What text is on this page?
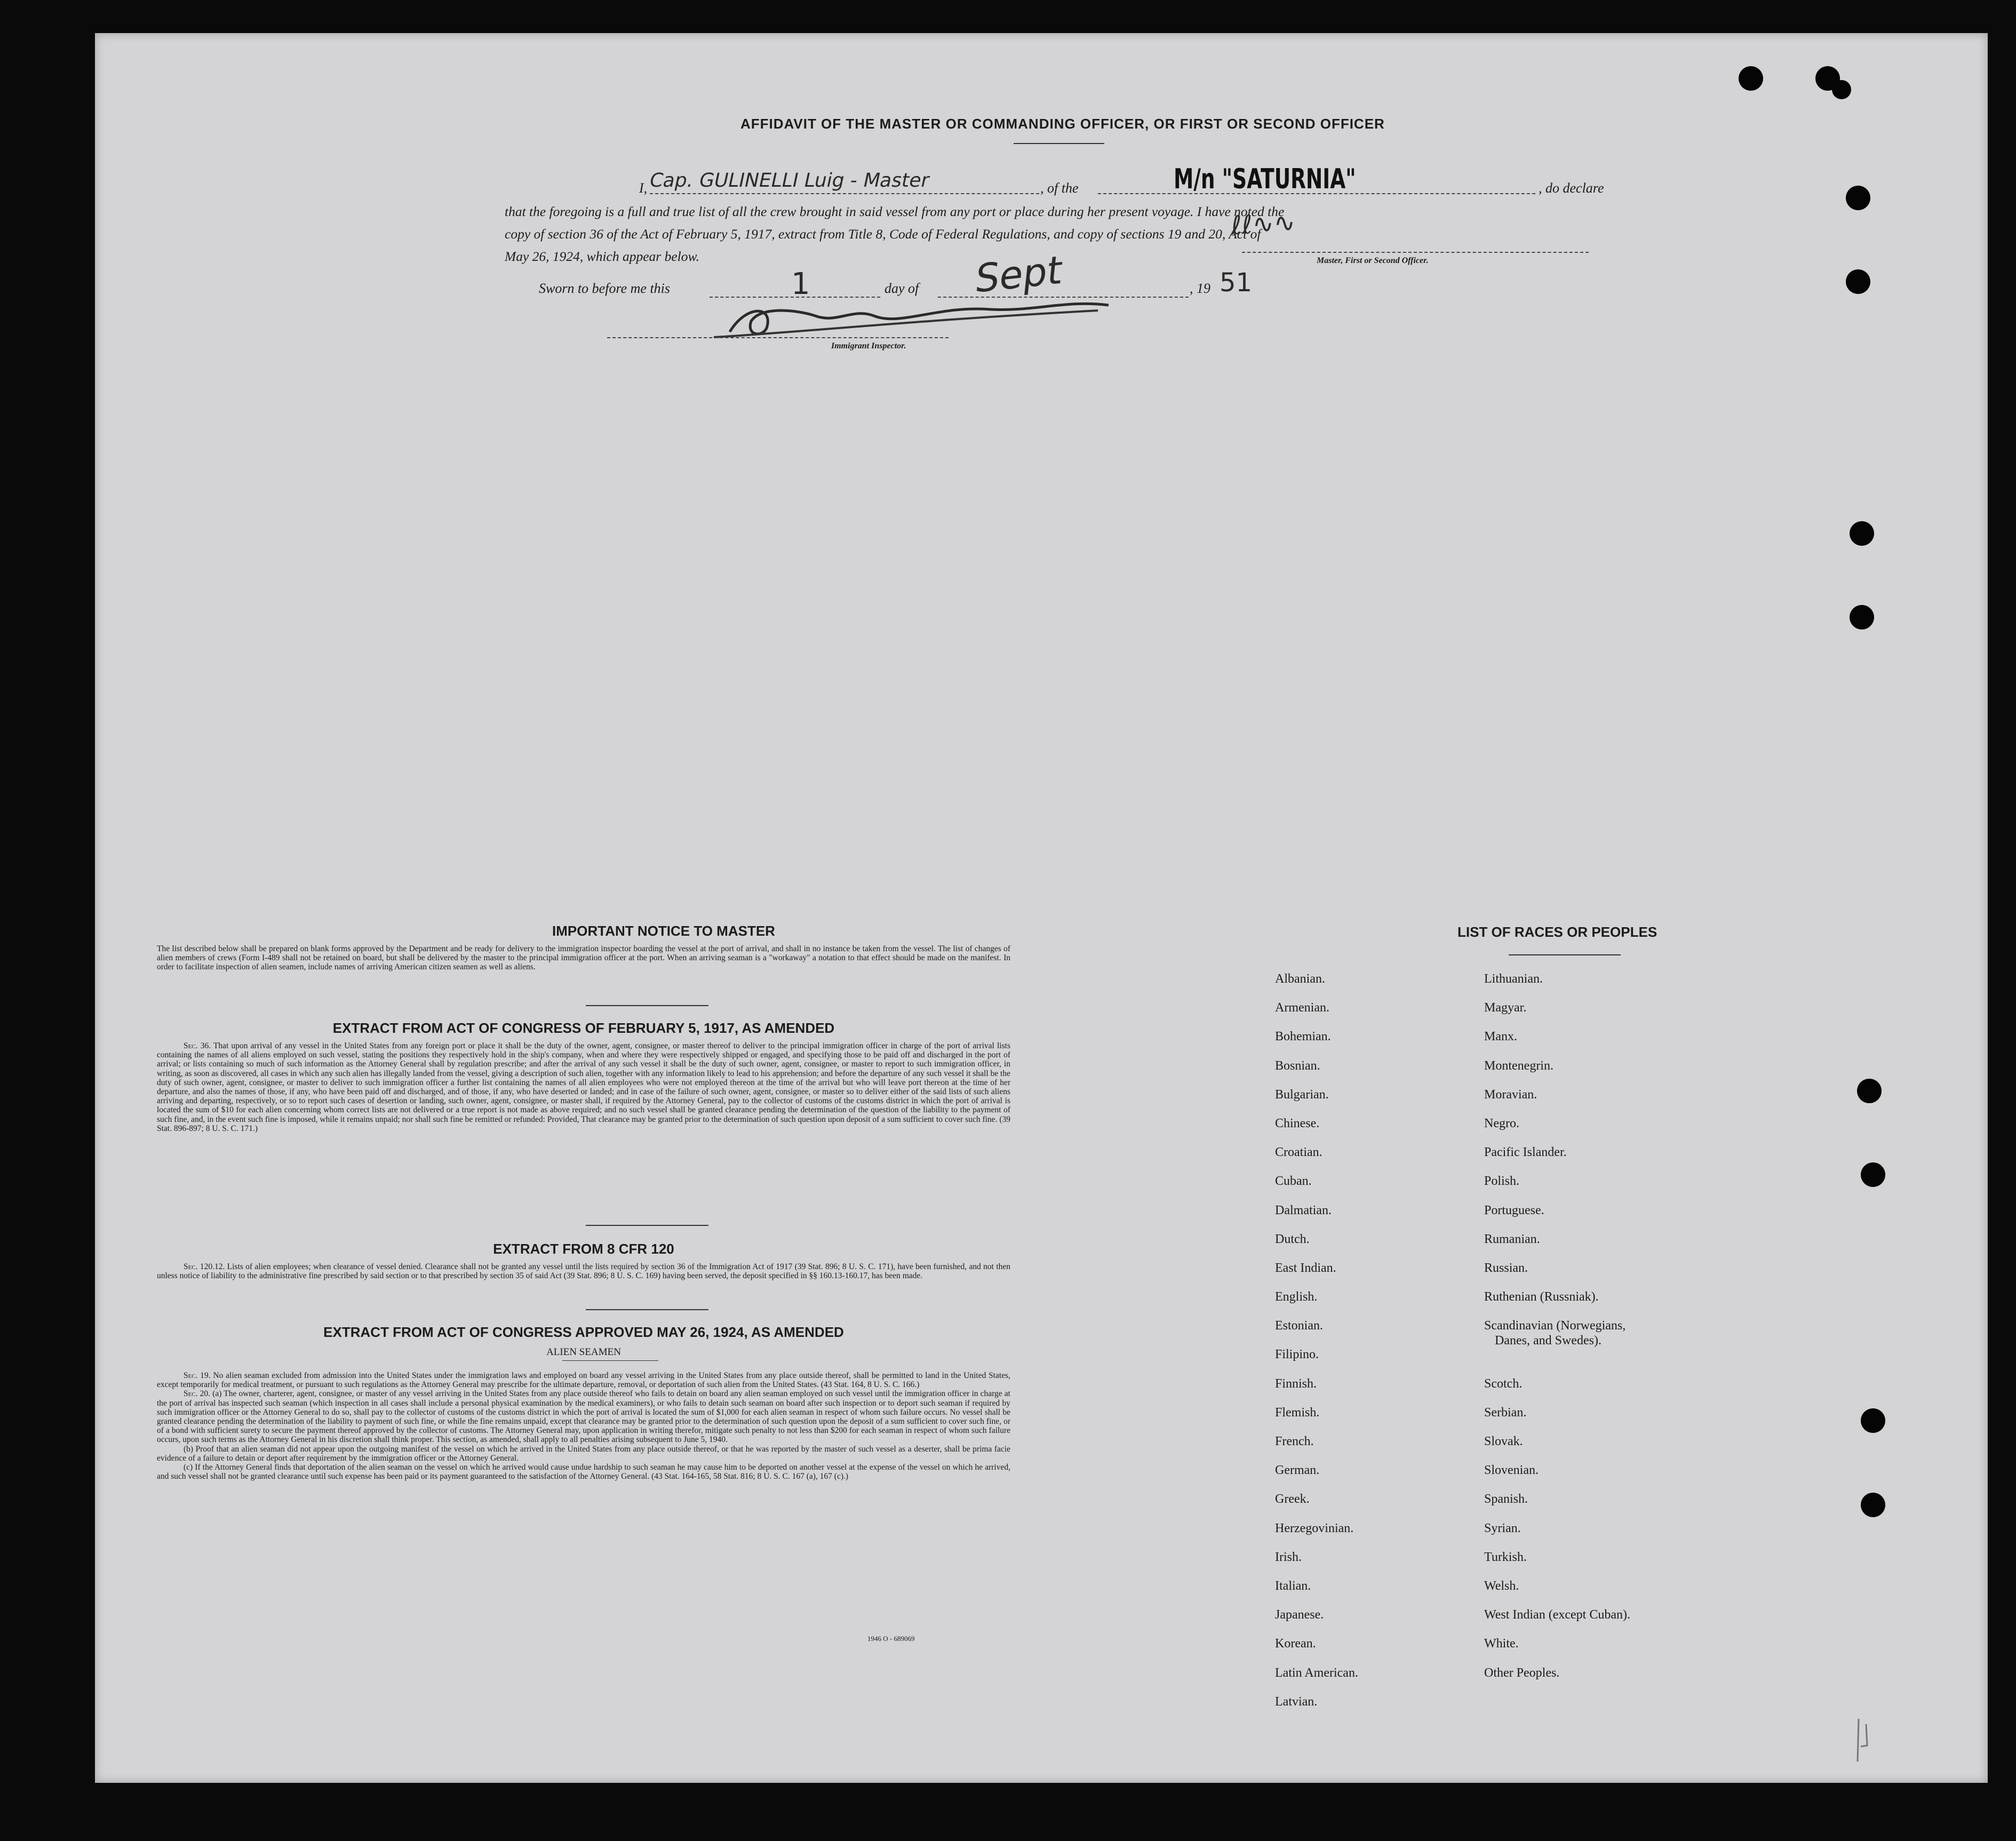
AFFIDAVIT OF THE MASTER OR COMMANDING OFFICER, OR FIRST OR SECOND OFFICER
I, Cap. GULINELLI Luig - Master	, of the	M/n "SATURNIA"	, do declare
that the foregoing is a full and true list of all the crew brought in said vessel from any port or place during her present voyage. I have noted the
copy of section 36 of the Act of February 5, 1917, extract from Title 8, Code of Federal Regulations, and copy of sections 19 and 20, Act of
May 26, 1924, which appear below.
ℓℓ∿∿
Master, First or Second Officer.
Sworn to before me this	1	day of Sept	, 19 51
Immigrant Inspector.
IMPORTANT NOTICE TO MASTER

The list described below shall be prepared on blank forms approved by the Department and be ready for delivery to the immigration inspector boarding the vessel at the port of arrival, and shall in no instance be taken from the vessel. The list of changes of alien members of crews (Form I-489 shall not be retained on board, but shall be delivered by the master to the principal immigration officer at the port. When an arriving seaman is a "workaway" a notation to that effect should be made on the manifest. In order to facilitate inspection of alien seamen, include names of arriving American citizen seamen as well as aliens.

EXTRACT FROM ACT OF CONGRESS OF FEBRUARY 5, 1917, AS AMENDED

Sec. 36. That upon arrival of any vessel in the United States from any foreign port or place it shall be the duty of the owner, agent, consignee, or master thereof to deliver to the principal immigration officer in charge of the port of arrival lists containing the names of all aliens employed on such vessel, stating the positions they respectively hold in the ship's company, when and where they were respectively shipped or engaged, and specifying those to be paid off and discharged in the port of arrival; or lists containing so much of such information as the Attorney General shall by regulation prescribe; and after the arrival of any such vessel it shall be the duty of such owner, agent, consignee, or master to report to such immigration officer, in writing, as soon as discovered, all cases in which any such alien has illegally landed from the vessel, giving a description of such alien, together with any information likely to lead to his apprehension; and before the departure of any such vessel it shall be the duty of such owner, agent, consignee, or master to deliver to such immigration officer a further list containing the names of all alien employees who were not employed thereon at the time of the arrival but who will leave port thereon at the time of her departure, and also the names of those, if any, who have been paid off and discharged, and of those, if any, who have deserted or landed; and in case of the failure of such owner, agent, consignee, or master so to deliver either of the said lists of such aliens arriving and departing, respectively, or so to report such cases of desertion or landing, such owner, agent, consignee, or master shall, if required by the Attorney General, pay to the collector of customs of the customs district in which the port of arrival is located the sum of $10 for each alien concerning whom correct lists are not delivered or a true report is not made as above required; and no such vessel shall be granted clearance pending the determination of the question of the liability to the payment of such fine, and, in the event such fine is imposed, while it remains unpaid; nor shall such fine be remitted or refunded: Provided, That clearance may be granted prior to the determination of such question upon deposit of a sum sufficient to cover such fine. (39 Stat. 896-897; 8 U. S. C. 171.)

EXTRACT FROM 8 CFR 120

Sec. 120.12. Lists of alien employees; when clearance of vessel denied. Clearance shall not be granted any vessel until the lists required by section 36 of the Immigration Act of 1917 (39 Stat. 896; 8 U. S. C. 171), have been furnished, and not then unless notice of liability to the administrative fine prescribed by said section or to that prescribed by section 35 of said Act (39 Stat. 896; 8 U. S. C. 169) having been served, the deposit specified in §§ 160.13-160.17, has been made.

EXTRACT FROM ACT OF CONGRESS APPROVED MAY 26, 1924, AS AMENDED
ALIEN SEAMEN

Sec. 19. No alien seaman excluded from admission into the United States under the immigration laws and employed on board any vessel arriving in the United States from any place outside thereof, shall be permitted to land in the United States, except temporarily for medical treatment, or pursuant to such regulations as the Attorney General may prescribe for the ultimate departure, removal, or deportation of such alien from the United States. (43 Stat. 164, 8 U. S. C. 166.)

Sec. 20. (a) The owner, charterer, agent, consignee, or master of any vessel arriving in the United States from any place outside thereof who fails to detain on board any alien seaman employed on such vessel until the immigration officer in charge at the port of arrival has inspected such seaman (which inspection in all cases shall include a personal physical examination by the medical examiners), or who fails to detain such seaman on board after such inspection or to deport such seaman if required by such immigration officer or the Attorney General to do so, shall pay to the collector of customs of the customs district in which the port of arrival is located the sum of $1,000 for each alien seaman in respect of whom such failure occurs. No vessel shall be granted clearance pending the determination of the liability to payment of such fine, or while the fine remains unpaid, except that clearance may be granted prior to the determination of such question upon the deposit of a sum sufficient to cover such fine, or of a bond with sufficient surety to secure the payment thereof approved by the collector of customs. The Attorney General may, upon application in writing therefor, mitigate such penalty to not less than $200 for each seaman in respect of whom such failure occurs, upon such terms as the Attorney General in his discretion shall think proper. This section, as amended, shall apply to all penalties arising subsequent to June 5, 1940.

(b) Proof that an alien seaman did not appear upon the outgoing manifest of the vessel on which he arrived in the United States from any place outside thereof, or that he was reported by the master of such vessel as a deserter, shall be prima facie evidence of a failure to detain or deport after requirement by the immigration officer or the Attorney General.

(c) If the Attorney General finds that deportation of the alien seaman on the vessel on which he arrived would cause undue hardship to such seaman he may cause him to be deported on another vessel at the expense of the vessel on which he arrived, and such vessel shall not be granted clearance until such expense has been paid or its payment guaranteed to the satisfaction of the Attorney General. (43 Stat. 164-165, 58 Stat. 816; 8 U. S. C. 167 (a), 167 (c).)

1946 O - 689069
LIST OF RACES OR PEOPLES
Albanian.
Armenian.
Bohemian.
Bosnian.
Bulgarian.
Chinese.
Croatian.
Cuban.
Dalmatian.
Dutch.
East Indian.
English.
Estonian.
Filipino.
Finnish.
Flemish.
French.
German.
Greek.
Herzegovinian.
Irish.
Italian.
Japanese.
Korean.
Latin American.
Latvian.
Lithuanian.
Magyar.
Manx.
Montenegrin.
Moravian.
Negro.
Pacific Islander.
Polish.
Portuguese.
Rumanian.
Russian.
Ruthenian (Russniak).
Scandinavian (Norwegians,
Danes, and Swedes).
Scotch.
Serbian.
Slovak.
Slovenian.
Spanish.
Syrian.
Turkish.
Welsh.
West Indian (except Cuban).
White.
Other Peoples.
